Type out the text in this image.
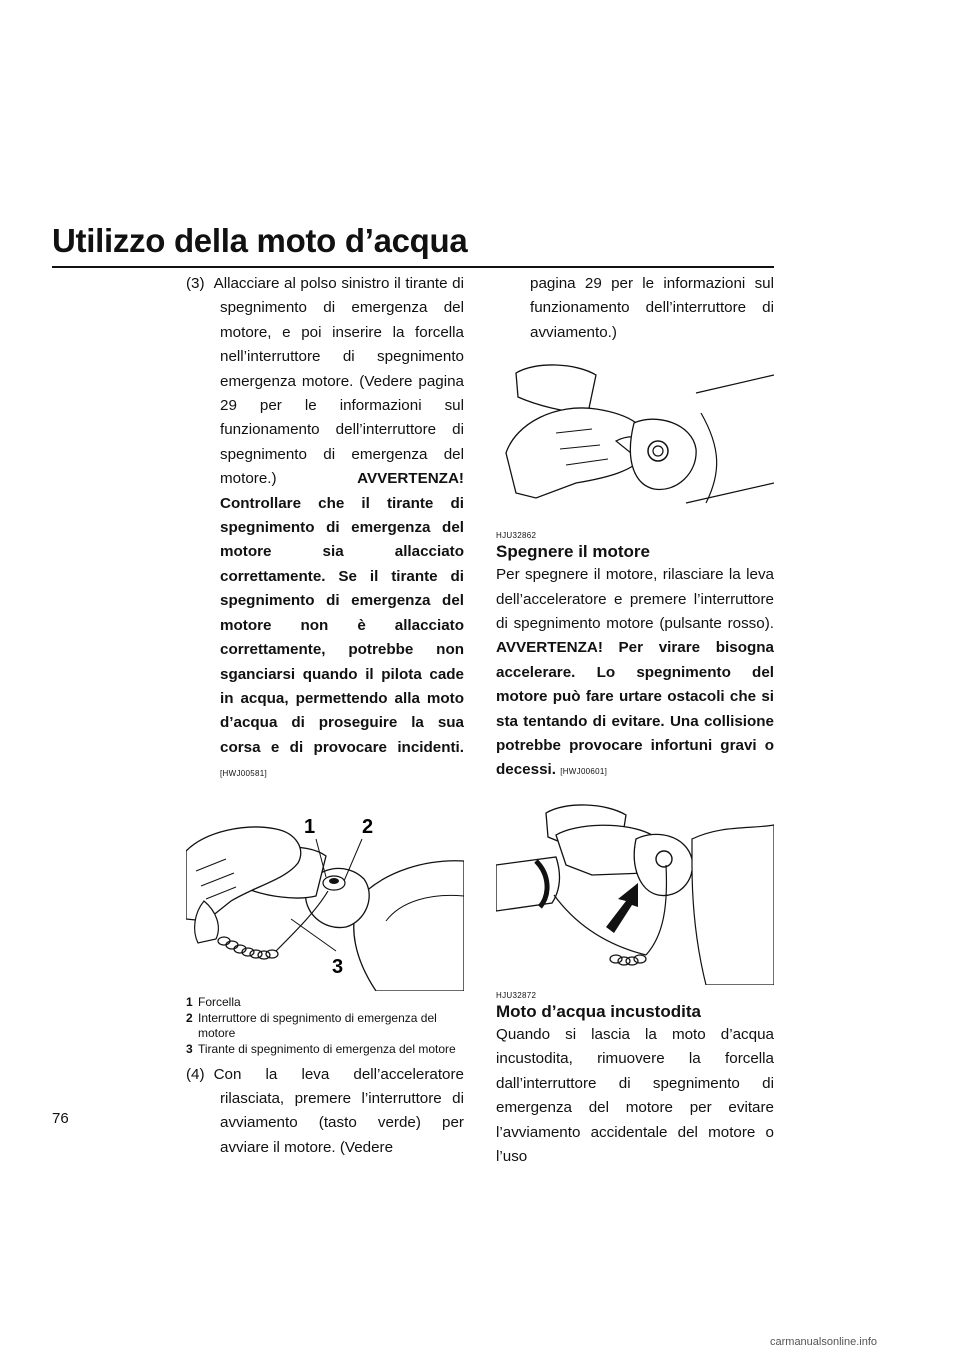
Utilizzo della moto d’acqua

(3) Allacciare al polso sinistro il tirante di spegnimento di emergenza del motore, e poi inserire la forcella nell’interruttore di spegnimento emergenza motore. (Vedere pagina 29 per le informazioni sul funzionamento dell’interruttore di spegnimento di emergenza del motore.)	AVVERTENZA! Controllare che il tirante di spegnimento di emergenza del motore sia allacciato correttamente. Se il tirante di spegnimento di emergenza del motore non è allacciato correttamente, potrebbe non sganciarsi quando il pilota cade in acqua, permettendo alla moto d’acqua di proseguire la sua corsa e di provocare incidenti. [HWJ00581]

1 2
3
1 Forcella
2 Interruttore di spegnimento di emergenza del motore
3 Tirante di spegnimento di emergenza del motore

(4) Con la leva dell’acceleratore rilasciata, premere l’interruttore di avviamento (tasto verde) per avviare il motore. (Vedere

pagina 29 per le informazioni sul funzionamento dell’interruttore di avviamento.)

HJU32862

Spegnere il motore

Per spegnere il motore, rilasciare la leva dell’acceleratore e premere l’interruttore di spegnimento motore (pulsante rosso). AVVERTENZA! Per virare bisogna accelerare. Lo spegnimento del motore può fare urtare ostacoli che si sta tentando di evitare. Una collisione potrebbe provocare infortuni gravi o decessi. [HWJ00601]

HJU32872

Moto d’acqua incustodita

Quando si lascia la moto d’acqua incustodita, rimuovere la forcella dall’interruttore di spegnimento di emergenza del motore per evitare l’avviamento accidentale del motore o l’uso

76
carmanualsonline.info
